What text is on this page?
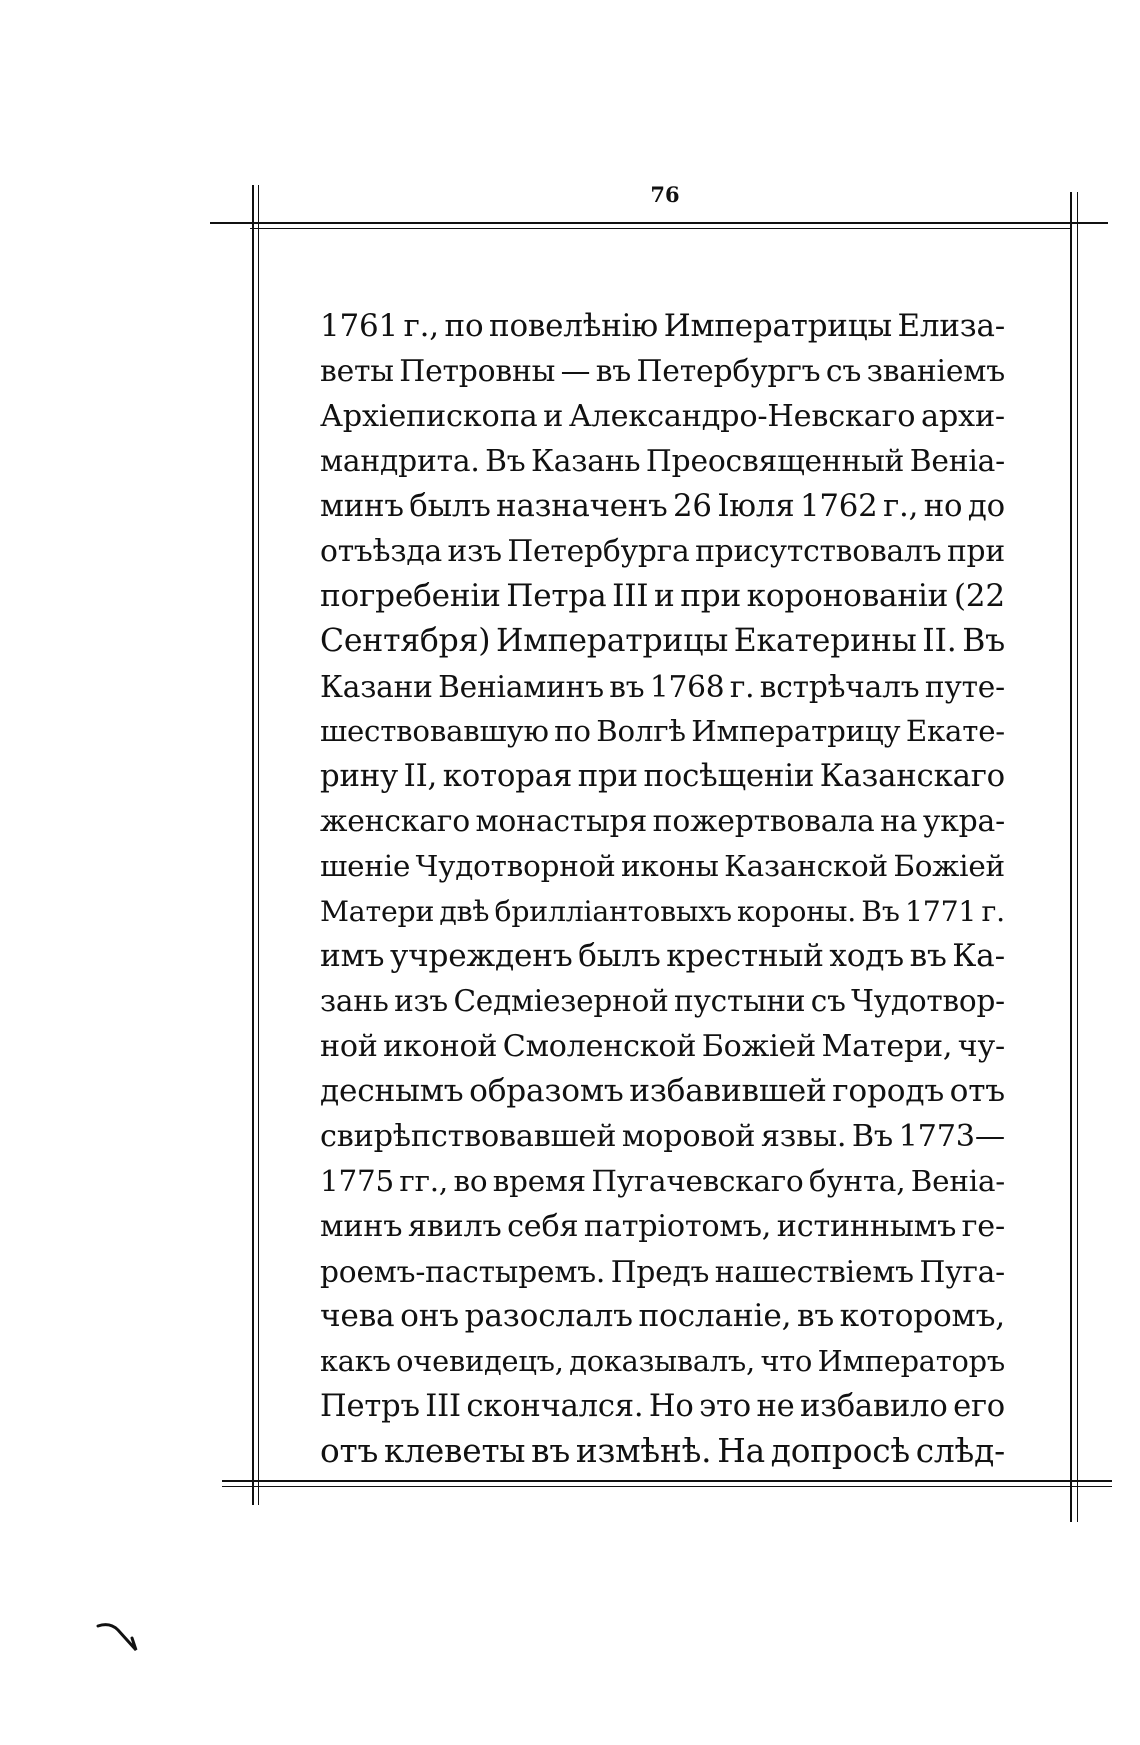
76
1761 г., по повелѣнію Императрицы Елиза-
веты Петровны — въ Петербургъ съ званіемъ
Архіепископа и Александро-Невскаго архи-
мандрита. Въ Казань Преосвященный Веніа-
минъ былъ назначенъ 26 Іюля 1762 г., но до
отъѣзда изъ Петербурга присутствовалъ при
погребеніи Петра III и при коронованіи (22
Сентября) Императрицы Екатерины II. Въ
Казани Веніаминъ въ 1768 г. встрѣчалъ путе-
шествовавшую по Волгѣ Императрицу Екате-
рину II, которая при посѣщеніи Казанскаго
женскаго монастыря пожертвовала на укра-
шеніе Чудотворной иконы Казанской Божіей
Матери двѣ бриллiантовыхъ короны. Въ 1771 г.
имъ учрежденъ былъ крестный ходъ въ Ка-
зань изъ Седміезерной пустыни съ Чудотвор-
ной иконой Смоленской Божіей Матери, чу-
деснымъ образомъ избавившей городъ отъ
свирѣпствовавшей моровой язвы. Въ 1773—
1775 гг., во время Пугачевскаго бунта, Веніа-
минъ явилъ себя патріотомъ, истиннымъ ге-
роемъ-пастыремъ. Предъ нашествіемъ Пуга-
чева онъ разослалъ посланіе, въ которомъ,
какъ очевидецъ, доказывалъ, что Императоръ
Петръ III скончался. Но это не избавило его
отъ клеветы въ измѣнѣ. На допросѣ слѣд-
